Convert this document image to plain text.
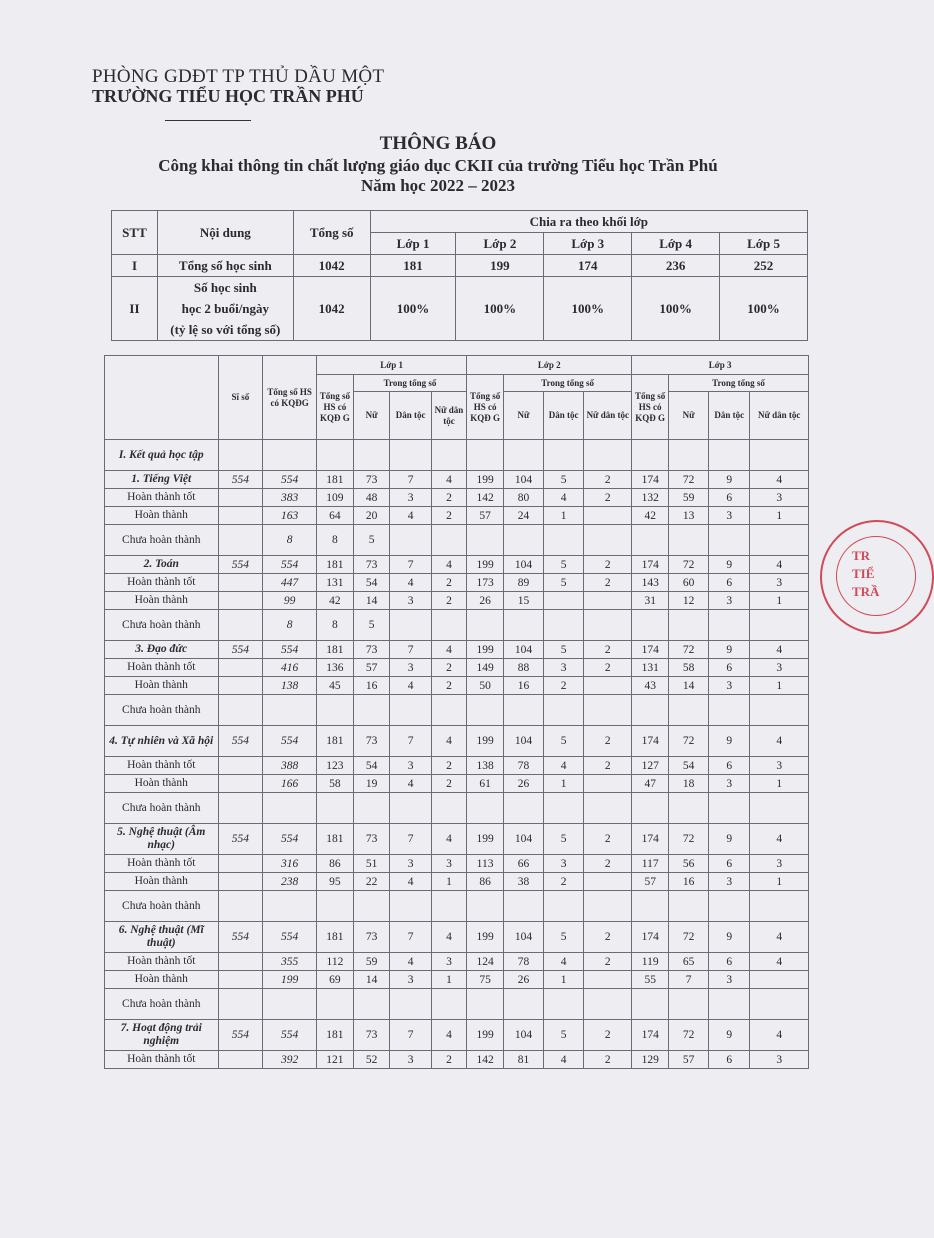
PHÒNG GDĐT TP THỦ DẦU MỘT
TRƯỜNG TIỂU HỌC TRẦN PHÚ
THÔNG BÁO
Công khai thông tin chất lượng giáo dục CKII của trường Tiểu học Trần Phú
Năm học 2022 – 2023
STT	Nội dung	Tổng số	Chia ra theo khối lớp				
			Lớp 1	Lớp 2	Lớp 3	Lớp 4	Lớp 5
I	Tổng số học sinh	1042	181	199	174	236	252
II	Số học sinh
học 2 buổi/ngày
(tỷ lệ so với tổng số)	1042	100%	100%	100%	100%	100%
	Sĩ số	Tổng số HS có KQĐG	Lớp 1				Lớp 2				Lớp 3			
			Tổng số HS có KQĐ G	Trong tổng số			Tổng số HS có KQĐ G	Trong tổng số			Tổng số HS có KQĐ G	Trong tổng số		
				Nữ	Dân tộc	Nữ dân tộc		Nữ	Dân tộc	Nữ dân tộc		Nữ	Dân tộc	Nữ dân tộc
I. Kết quả học tập														
1. Tiếng Việt	554	554	181	73	7	4	199	104	5	2	174	72	9	4
Hoàn thành tốt		383	109	48	3	2	142	80	4	2	132	59	6	3
Hoàn thành		163	64	20	4	2	57	24	1		42	13	3	1
Chưa hoàn thành		8	8	5										
2. Toán	554	554	181	73	7	4	199	104	5	2	174	72	9	4
Hoàn thành tốt		447	131	54	4	2	173	89	5	2	143	60	6	3
Hoàn thành		99	42	14	3	2	26	15			31	12	3	1
Chưa hoàn thành		8	8	5										
3. Đạo đức	554	554	181	73	7	4	199	104	5	2	174	72	9	4
Hoàn thành tốt		416	136	57	3	2	149	88	3	2	131	58	6	3
Hoàn thành		138	45	16	4	2	50	16	2		43	14	3	1
Chưa hoàn thành														
4. Tự nhiên và Xã hội	554	554	181	73	7	4	199	104	5	2	174	72	9	4
Hoàn thành tốt		388	123	54	3	2	138	78	4	2	127	54	6	3
Hoàn thành		166	58	19	4	2	61	26	1		47	18	3	1
Chưa hoàn thành														
5. Nghệ thuật (Âm nhạc)	554	554	181	73	7	4	199	104	5	2	174	72	9	4
Hoàn thành tốt		316	86	51	3	3	113	66	3	2	117	56	6	3
Hoàn thành		238	95	22	4	1	86	38	2		57	16	3	1
Chưa hoàn thành														
6. Nghệ thuật (Mĩ thuật)	554	554	181	73	7	4	199	104	5	2	174	72	9	4
Hoàn thành tốt		355	112	59	4	3	124	78	4	2	119	65	6	4
Hoàn thành		199	69	14	3	1	75	26	1		55	7	3	
Chưa hoàn thành														
7. Hoạt động trải nghiệm	554	554	181	73	7	4	199	104	5	2	174	72	9	4
Hoàn thành tốt		392	121	52	3	2	142	81	4	2	129	57	6	3
TR
TIỂ
TRẦ
